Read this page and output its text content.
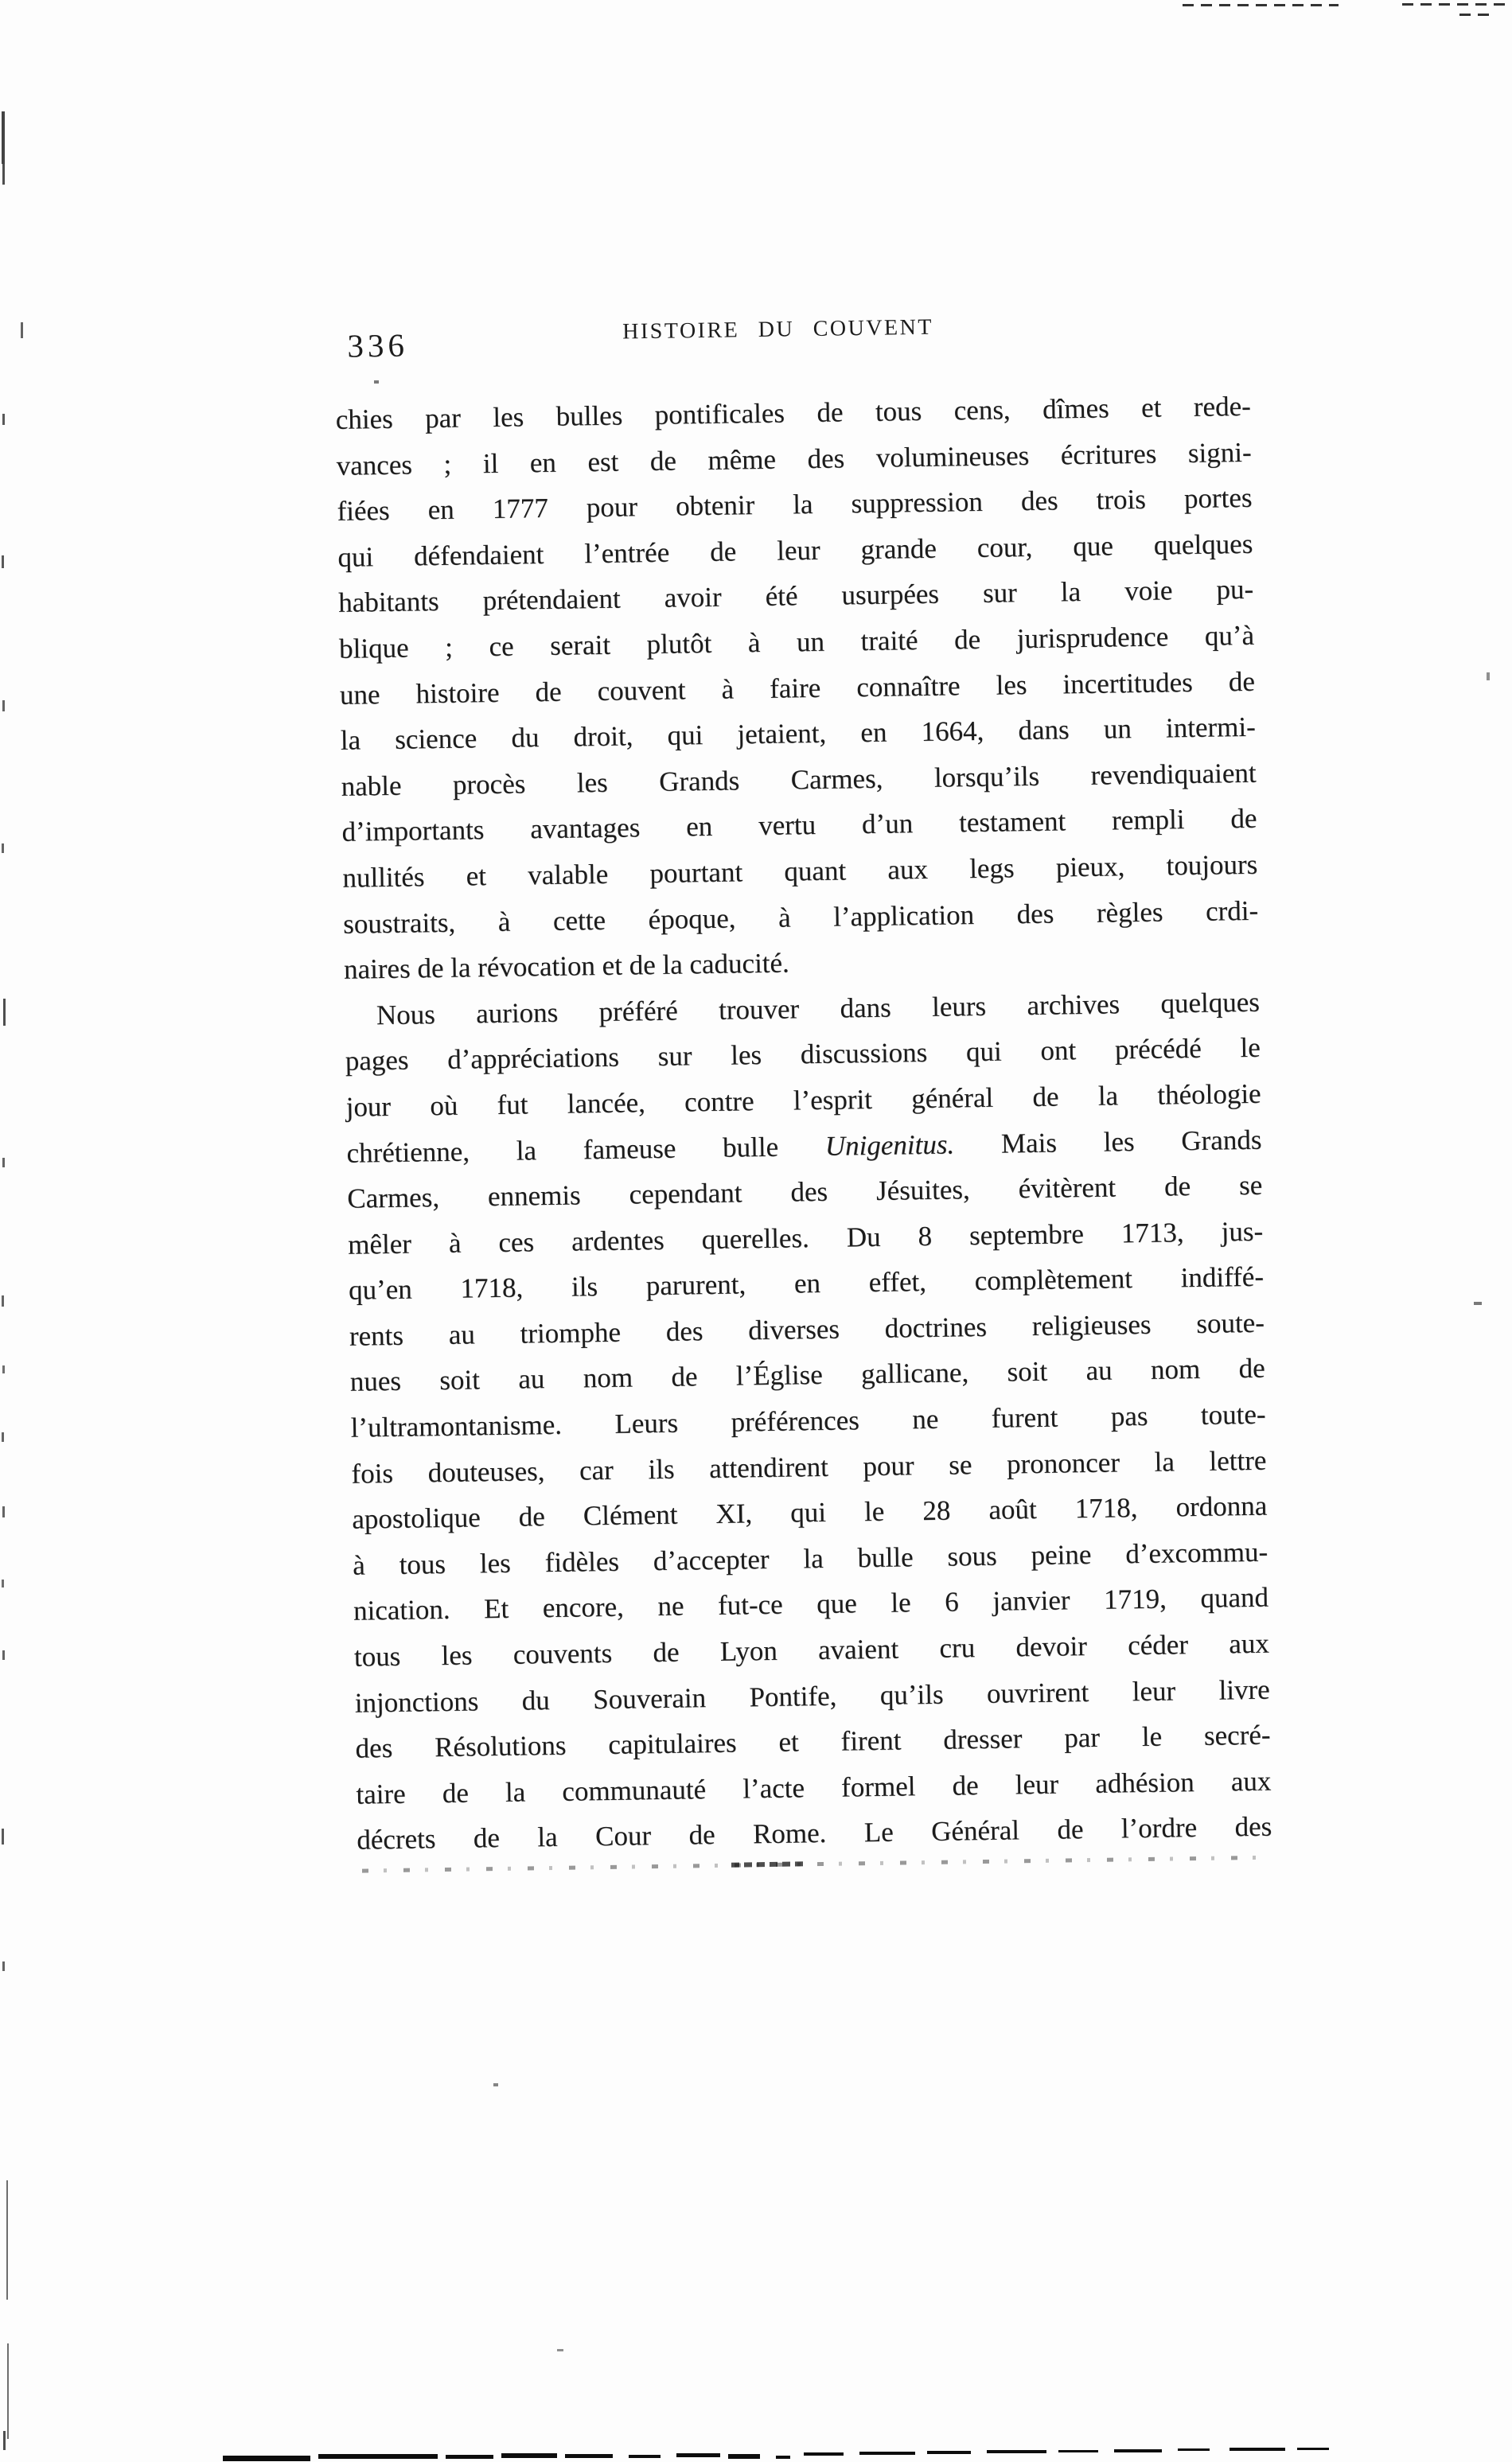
336	HISTOIRE DU COUVENT
chies par les bulles pontificales de tous cens, dîmes et rede-
vances ; il en est de même des volumineuses écritures signi-
fiées en 1777 pour obtenir la suppression des trois portes
qui défendaient l’entrée de leur grande cour, que quelques
habitants prétendaient avoir été usurpées sur la voie pu-
blique ; ce serait plutôt à un traité de jurisprudence qu’à
une histoire de couvent à faire connaître les incertitudes de
la science du droit, qui jetaient, en 1664, dans un intermi-
nable procès les Grands Carmes, lorsqu’ils revendiquaient
d’importants avantages en vertu d’un testament rempli de
nullités et valable pourtant quant aux legs pieux, toujours
soustraits, à cette époque, à l’application des règles crdi-
naires de la révocation et de la caducité.
Nous aurions préféré trouver dans leurs archives quelques
pages d’appréciations sur les discussions qui ont précédé le
jour où fut lancée, contre l’esprit général de la théologie
chrétienne, la fameuse bulle Unigenitus. Mais les Grands
Carmes, ennemis cependant des Jésuites, évitèrent de se
mêler à ces ardentes querelles. Du 8 septembre 1713, jus-
qu’en 1718, ils parurent, en effet, complètement indiffé-
rents au triomphe des diverses doctrines religieuses soute-
nues soit au nom de l’Église gallicane, soit au nom de
l’ultramontanisme. Leurs préférences ne furent pas toute-
fois douteuses, car ils attendirent pour se prononcer la lettre
apostolique de Clément XI, qui le 28 août 1718, ordonna
à tous les fidèles d’accepter la bulle sous peine d’excommu-
nication. Et encore, ne fut-ce que le 6 janvier 1719, quand
tous les couvents de Lyon avaient cru devoir céder aux
injonctions du Souverain Pontife, qu’ils ouvrirent leur livre
des Résolutions capitulaires et firent dresser par le secré-
taire de la communauté l’acte formel de leur adhésion aux
décrets de la Cour de Rome. Le Général de l’ordre des
